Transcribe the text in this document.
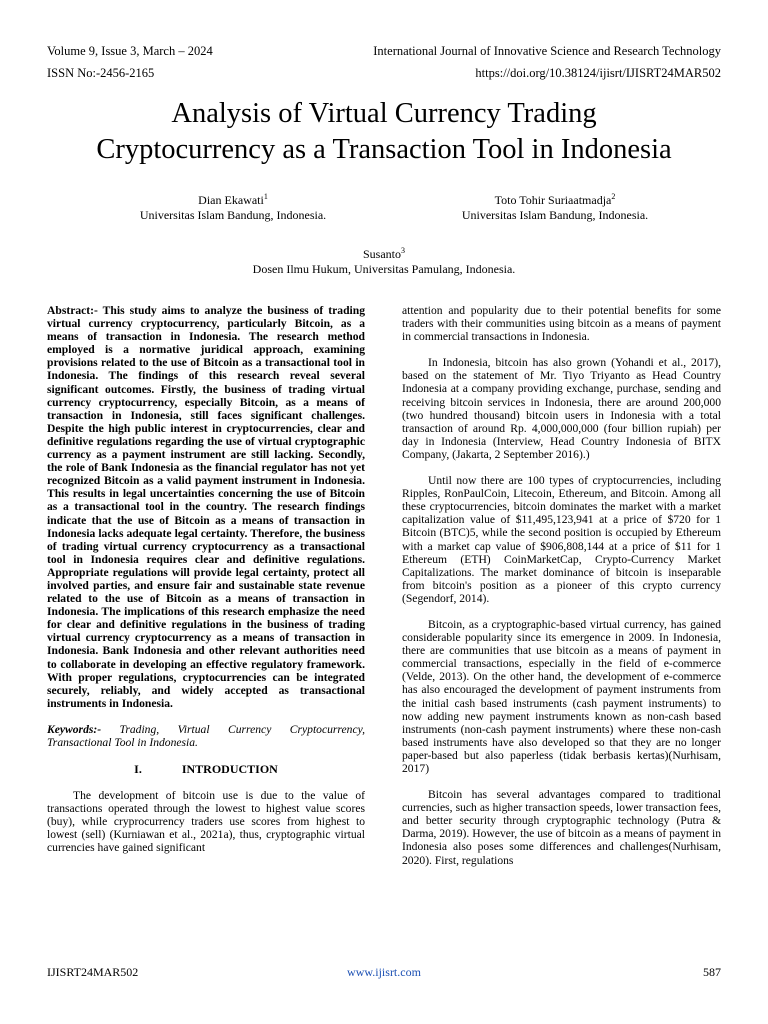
Volume 9, Issue 3, March – 2024	International Journal of Innovative Science and Research Technology
ISSN No:-2456-2165	https://doi.org/10.38124/ijisrt/IJISRT24MAR502
Analysis of Virtual Currency Trading
Cryptocurrency as a Transaction Tool in Indonesia
Dian Ekawati$^1$
Universitas Islam Bandung, Indonesia.
Toto Tohir Suriaatmadja$^2$
Universitas Islam Bandung, Indonesia.
Susanto$^3$
Dosen Ilmu Hukum, Universitas Pamulang, Indonesia.

Abstract:- This study aims to analyze the business of trading virtual currency cryptocurrency, particularly Bitcoin, as a means of transaction in Indonesia. The research method employed is a normative juridical approach, examining provisions related to the use of Bitcoin as a transactional tool in Indonesia. The findings of this research reveal several significant outcomes. Firstly, the business of trading virtual currency cryptocurrency, especially Bitcoin, as a means of transaction in Indonesia, still faces significant challenges. Despite the high public interest in cryptocurrencies, clear and definitive regulations regarding the use of virtual cryptographic currency as a payment instrument are still lacking. Secondly, the role of Bank Indonesia as the financial regulator has not yet recognized Bitcoin as a valid payment instrument in Indonesia. This results in legal uncertainties concerning the use of Bitcoin as a transactional tool in the country. The research findings indicate that the use of Bitcoin as a means of transaction in Indonesia lacks adequate legal certainty. Therefore, the business of trading virtual currency cryptocurrency as a transactional tool in Indonesia requires clear and definitive regulations. Appropriate regulations will provide legal certainty, protect all involved parties, and ensure fair and sustainable state revenue related to the use of Bitcoin as a means of transaction in Indonesia. The implications of this research emphasize the need for clear and definitive regulations in the business of trading virtual currency cryptocurrency as a means of transaction in Indonesia. Bank Indonesia and other relevant authorities need to collaborate in developing an effective regulatory framework. With proper regulations, cryptocurrencies can be integrated securely, reliably, and widely accepted as transactional instruments in Indonesia.

Keywords:- Trading, Virtual Currency Cryptocurrency, Transactional Tool in Indonesia.

I.	INTRODUCTION

The development of bitcoin use is due to the value of transactions operated through the lowest to highest value scores (buy), while cryprocurrency traders use scores from highest to lowest (sell) (Kurniawan et al., 2021a), thus, cryptographic virtual currencies have gained significant

attention and popularity due to their potential benefits for some traders with their communities using bitcoin as a means of payment in commercial transactions in Indonesia.

In Indonesia, bitcoin has also grown (Yohandi et al., 2017), based on the statement of Mr. Tiyo Triyanto as Head Country Indonesia at a company providing exchange, purchase, sending and receiving bitcoin services in Indonesia, there are around 200,000 (two hundred thousand) bitcoin users in Indonesia with a total transaction of around Rp. 4,000,000,000 (four billion rupiah) per day in Indonesia (Interview, Head Country Indonesia of BITX Company, (Jakarta, 2 September 2016).)

Until now there are 100 types of cryptocurrencies, including Ripples, RonPaulCoin, Litecoin, Ethereum, and Bitcoin. Among all these cryptocurrencies, bitcoin dominates the market with a market capitalization value of $11,495,123,941 at a price of $720 for 1 Bitcoin (BTC)5, while the second position is occupied by Ethereum with a market cap value of $906,808,144 at a price of $11 for 1 Ethereum (ETH) CoinMarketCap, Crypto-Currency Market Capitalizations. The market dominance of bitcoin is inseparable from bitcoin's position as a pioneer of this crypto currency (Segendorf, 2014).

Bitcoin, as a cryptographic-based virtual currency, has gained considerable popularity since its emergence in 2009. In Indonesia, there are communities that use bitcoin as a means of payment in commercial transactions, especially in the field of e-commerce (Velde, 2013). On the other hand, the development of e-commerce has also encouraged the development of payment instruments from the initial cash based instruments (cash payment instruments) to now adding new payment instruments known as non-cash based instruments (non-cash payment instruments) where these non-cash based instruments have also developed so that they are no longer paper-based but also paperless (tidak berbasis kertas)(Nurhisam, 2017)

Bitcoin has several advantages compared to traditional currencies, such as higher transaction speeds, lower transaction fees, and better security through cryptographic technology (Putra & Darma, 2019). However, the use of bitcoin as a means of payment in Indonesia also poses some differences and challenges(Nurhisam, 2020). First, regulations

IJISRT24MAR502	www.ijisrt.com	587
